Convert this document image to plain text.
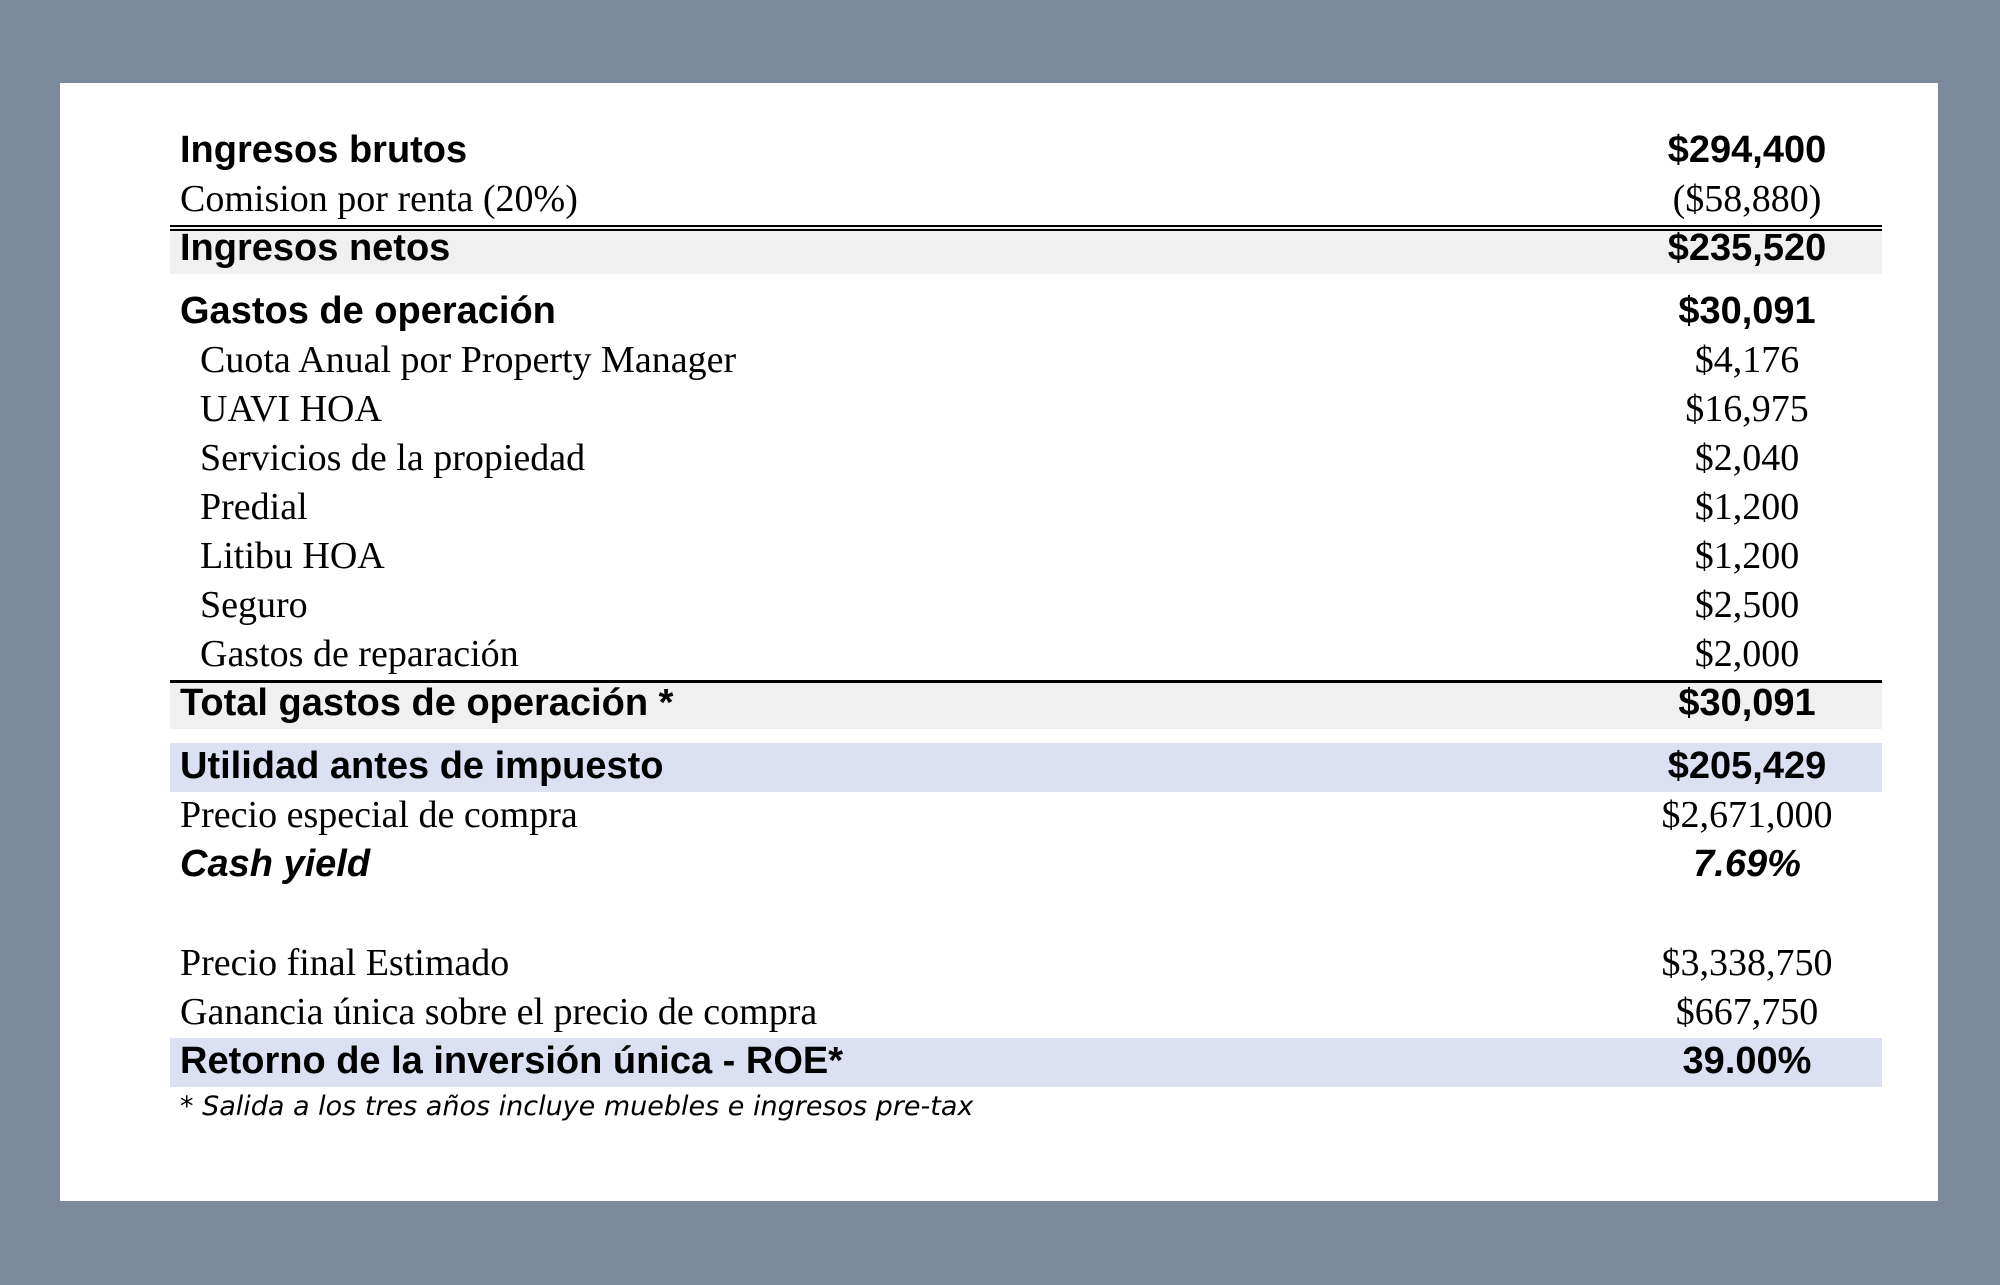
Ingresos brutos	$294,400
Comision por renta (20%)	($58,880)
Ingresos netos	$235,520
Gastos de operación	$30,091
Cuota Anual por Property Manager	$4,176
UAVI HOA	$16,975
Servicios de la propiedad	$2,040
Predial	$1,200
Litibu HOA	$1,200
Seguro	$2,500
Gastos de reparación	$2,000
Total gastos de operación *	$30,091
Utilidad antes de impuesto	$205,429
Precio especial de compra	$2,671,000
Cash yield	7.69%
Precio final Estimado	$3,338,750
Ganancia única sobre el precio de compra	$667,750
Retorno de la inversión única - ROE*	39.00%
* Salida a los tres años incluye muebles e ingresos pre-tax
